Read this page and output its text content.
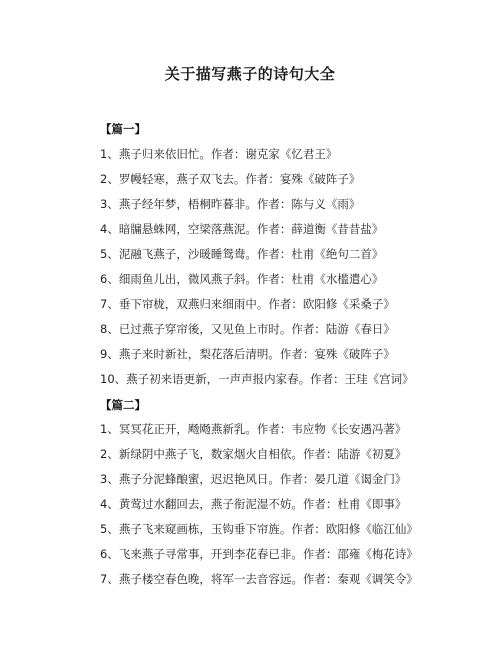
关于描写燕子的诗句大全
【篇一】
1、燕子归来依旧忙。作者：谢克家《忆君王》
2、罗幔轻寒，燕子双飞去。作者：宴殊《破阵子》
3、燕子经年梦，梧桐昨暮非。作者：陈与义《雨》
4、暗牖悬蛛网，空梁落燕泥。作者：薛道衡《昔昔盐》
5、泥融飞燕子，沙暖睡鸳鸯。作者：杜甫《绝句二首》
6、细雨鱼儿出，微风燕子斜。作者：杜甫《水槛遣心》
7、垂下帘栊，双燕归来细雨中。作者：欧阳修《采桑子》
8、已过燕子穿帘後，又见鱼上市时。作者：陆游《春日》
9、燕子来时新社，梨花落后清明。作者：宴殊《破阵子》
10、燕子初来语更新，一声声报内家春。作者：王珪《宫词》
【篇二】
1、冥冥花正开，飏飏燕新乳。作者：韦应物《长安遇冯著》
2、新绿阴中燕子飞，数家烟火自相依。作者：陆游《初夏》
3、燕子分泥蜂酿蜜，迟迟艳风日。作者：晏几道《谒金门》
4、黄莺过水翻回去，燕子衔泥湿不妨。作者：杜甫《即事》
5、燕子飞来窥画栋，玉钩垂下帘旌。作者：欧阳修《临江仙》
6、飞来燕子寻常事，开到李花春已非。作者：邵雍《梅花诗》
7、燕子楼空春色晚，将军一去音容远。作者：秦观《调笑令》
